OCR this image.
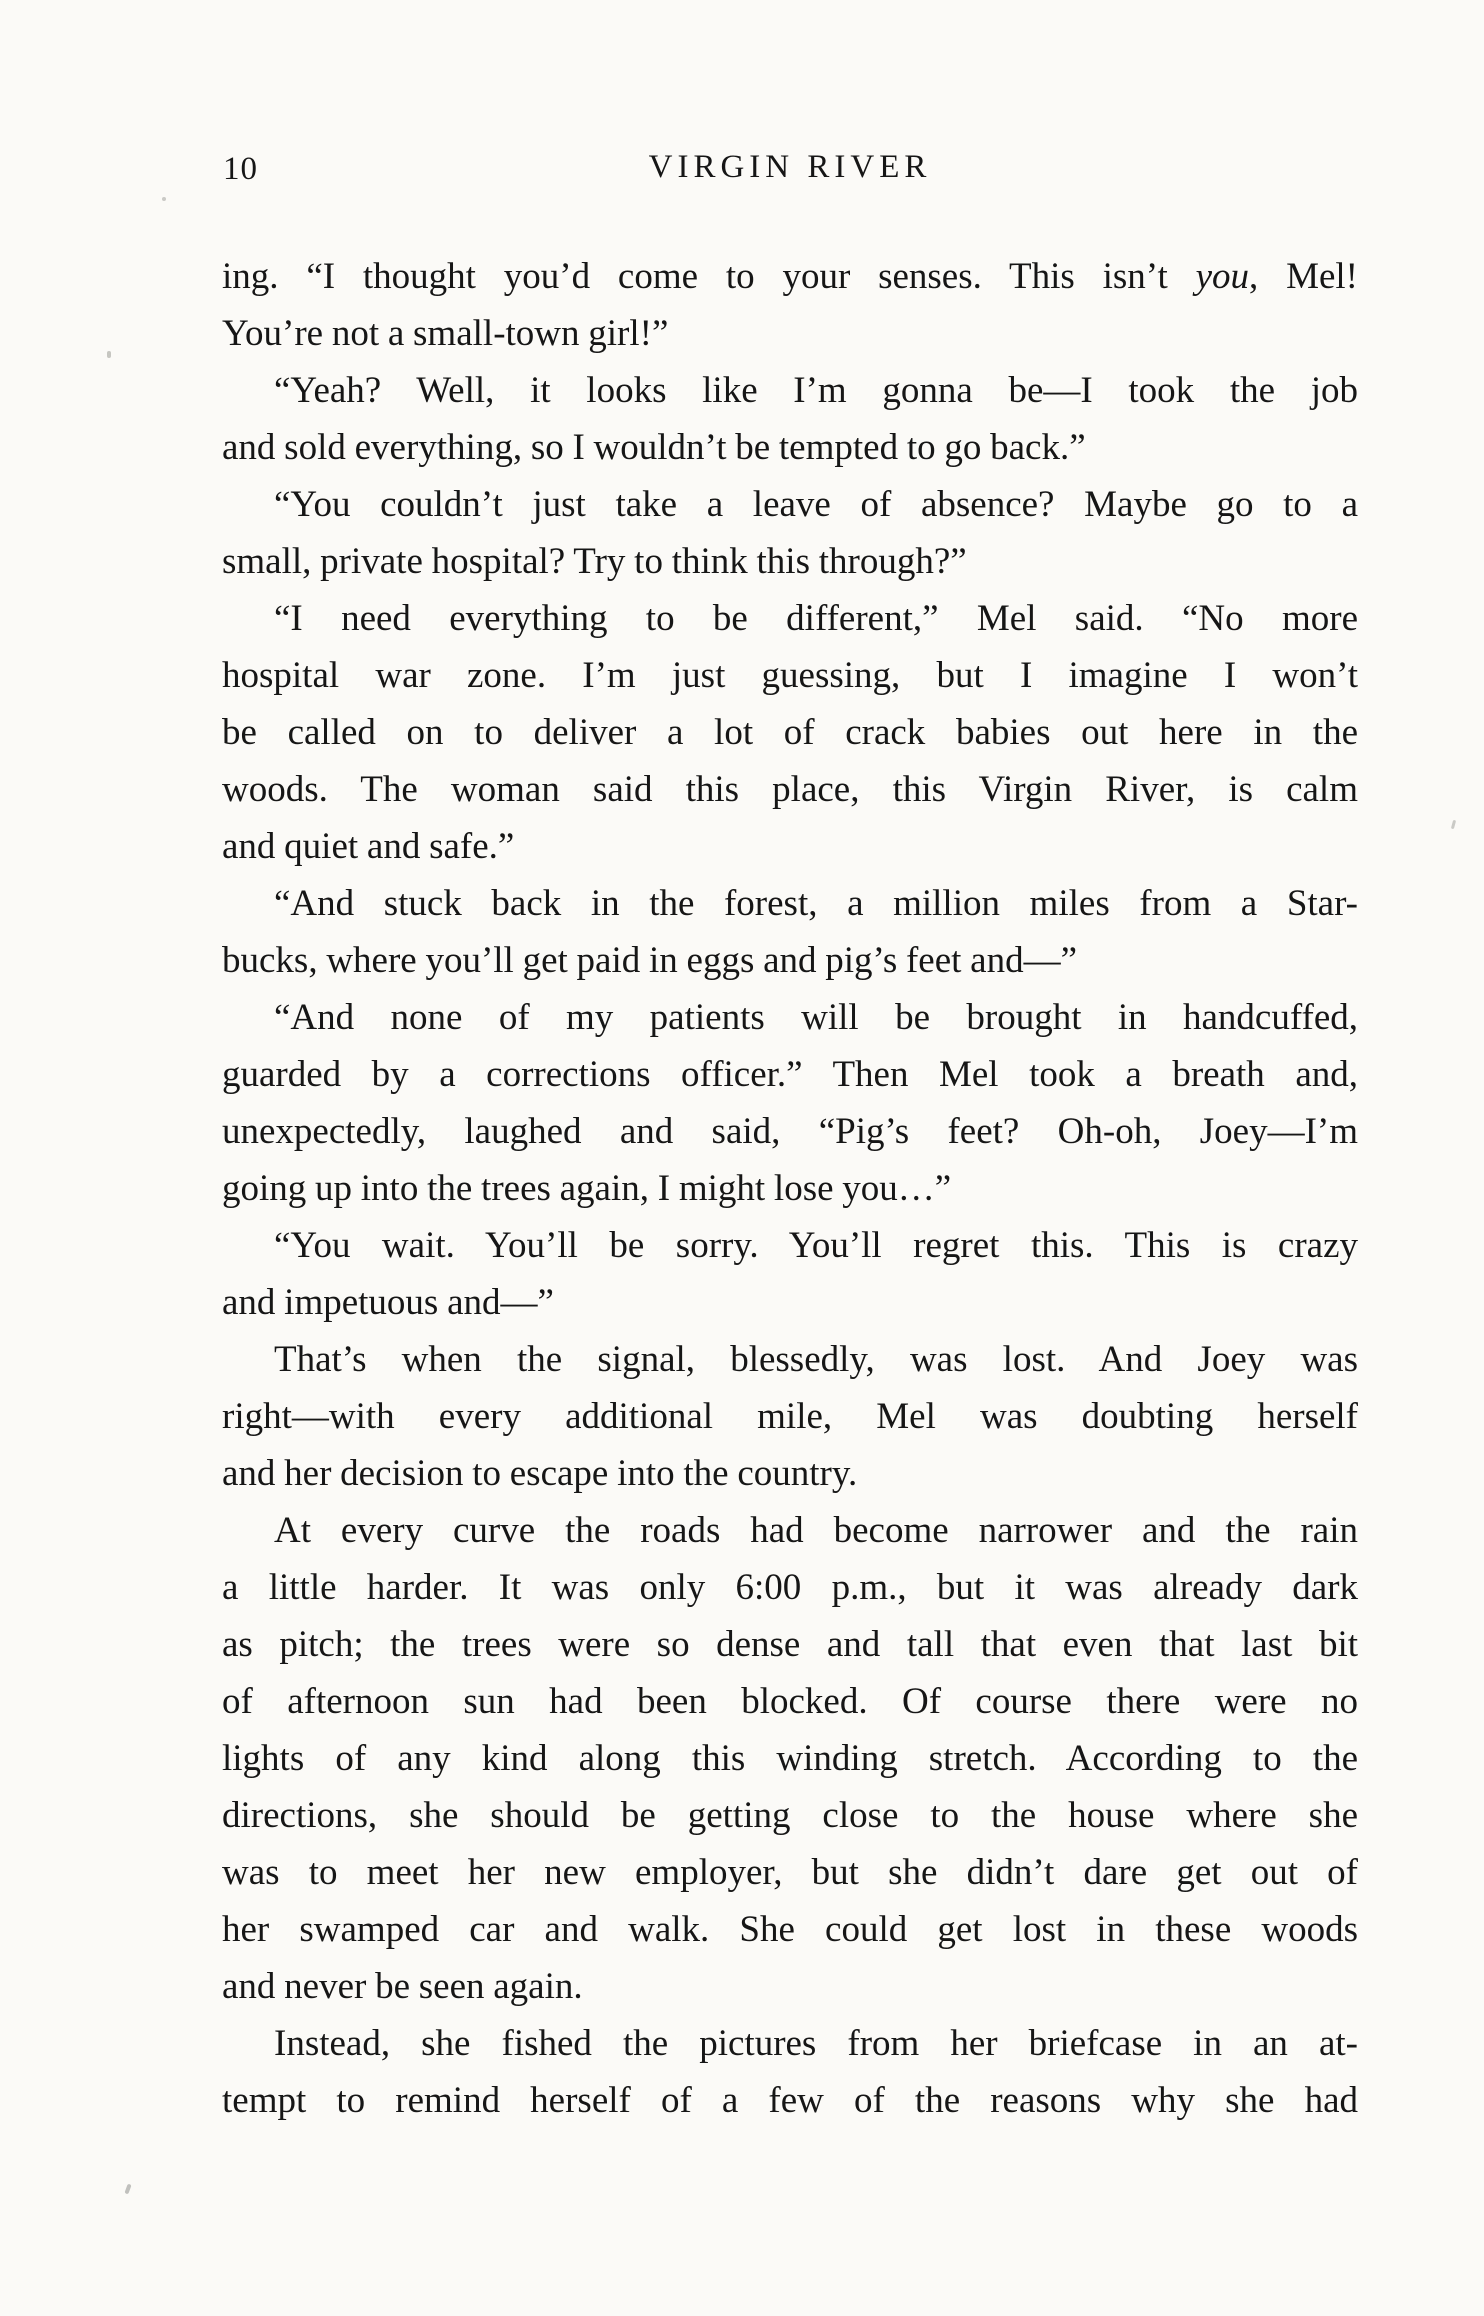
10	VIRGIN RIVER
ing. “I thought you’d come to your senses. This isn’t you, Mel!
You’re not a small-town girl!”
“Yeah? Well, it looks like I’m gonna be—I took the job
and sold everything, so I wouldn’t be tempted to go back.”
“You couldn’t just take a leave of absence? Maybe go to a
small, private hospital? Try to think this through?”
“I need everything to be different,” Mel said. “No more
hospital war zone. I’m just guessing, but I imagine I won’t
be called on to deliver a lot of crack babies out here in the
woods. The woman said this place, this Virgin River, is calm
and quiet and safe.”
“And stuck back in the forest, a million miles from a Star-
bucks, where you’ll get paid in eggs and pig’s feet and—”
“And none of my patients will be brought in handcuffed,
guarded by a corrections officer.” Then Mel took a breath and,
unexpectedly, laughed and said, “Pig’s feet? Oh-oh, Joey—I’m
going up into the trees again, I might lose you…”
“You wait. You’ll be sorry. You’ll regret this. This is crazy
and impetuous and—”
That’s when the signal, blessedly, was lost. And Joey was
right—with every additional mile, Mel was doubting herself
and her decision to escape into the country.
At every curve the roads had become narrower and the rain
a little harder. It was only 6:00 p.m., but it was already dark
as pitch; the trees were so dense and tall that even that last bit
of afternoon sun had been blocked. Of course there were no
lights of any kind along this winding stretch. According to the
directions, she should be getting close to the house where she
was to meet her new employer, but she didn’t dare get out of
her swamped car and walk. She could get lost in these woods
and never be seen again.
Instead, she fished the pictures from her briefcase in an at-
tempt to remind herself of a few of the reasons why she had
